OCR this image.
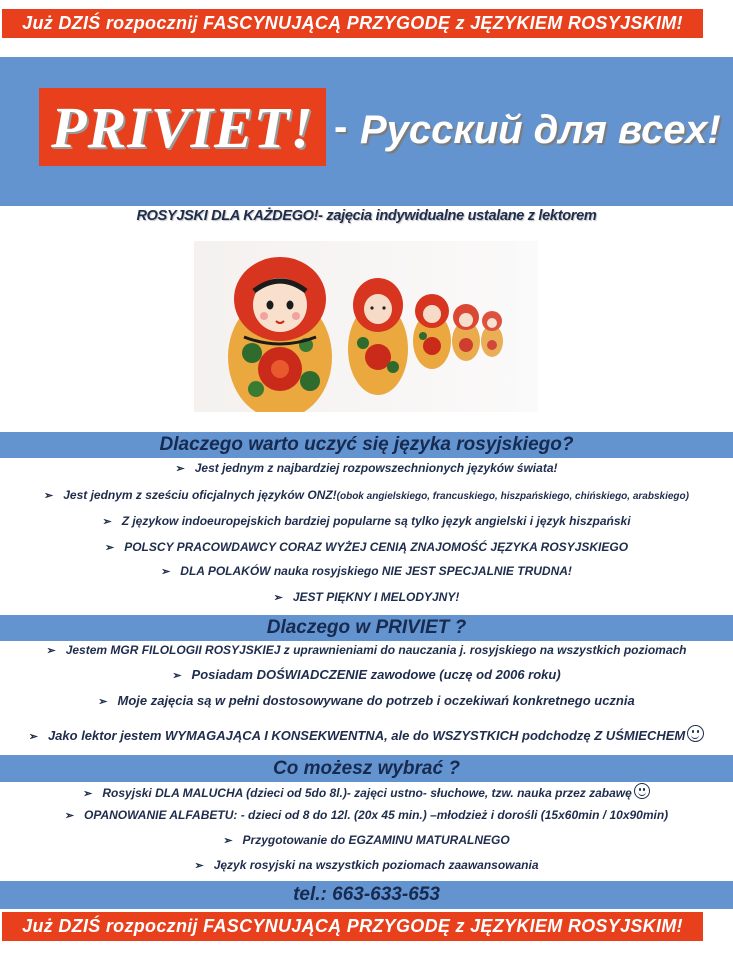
Już DZIŚ rozpocznij FASCYNUJĄCĄ PRZYGODĘ z JĘZYKIEM ROSYJSKIM!
PRIVIET! - Русский для всех!
ROSYJSKI DLA KAŻDEGO!- zajęcia indywidualne ustalane z lektorem
Dlaczego warto uczyć się języka rosyjskiego?
➢ Jest jednym z najbardziej rozpowszechnionych języków świata!
➢ Jest jednym z sześciu oficjalnych języków ONZ!(obok angielskiego, francuskiego, hiszpańskiego, chińskiego, arabskiego)
➢ Z językow indoeuropejskich bardziej popularne są tylko język angielski i język hiszpański
➢ POLSCY PRACOWDAWCY CORAZ WYŻEJ CENIĄ ZNAJOMOŚĆ JĘZYKA ROSYJSKIEGO
➢ DLA POLAKÓW nauka rosyjskiego NIE JEST SPECJALNIE TRUDNA!
➢ JEST PIĘKNY I MELODYJNY!
Dlaczego w PRIVIET ?
➢ Jestem MGR FILOLOGII ROSYJSKIEJ z uprawnieniami do nauczania j. rosyjskiego na wszystkich poziomach
➢ Posiadam DOŚWIADCZENIE zawodowe (uczę od 2006 roku)
➢ Moje zajęcia są w pełni dostosowywane do potrzeb i oczekiwań konkretnego ucznia
➢ Jako lektor jestem WYMAGAJĄCA I KONSEKWENTNA, ale do WSZYSTKICH podchodzę Z UŚMIECHEM
Co możesz wybrać ?
➢ Rosyjski DLA MALUCHA (dzieci od 5do 8l.)- zajęci ustno- słuchowe, tzw. nauka przez zabawę
➢ OPANOWANIE ALFABETU: - dzieci od 8 do 12l. (20x 45 min.) –młodzież i dorośli (15x60min / 10x90min)
➢ Przygotowanie do EGZAMINU MATURALNEGO
➢ Język rosyjski na wszystkich poziomach zaawansowania
tel.: 663-633-653
Już DZIŚ rozpocznij FASCYNUJĄCĄ PRZYGODĘ z JĘZYKIEM ROSYJSKIM!
